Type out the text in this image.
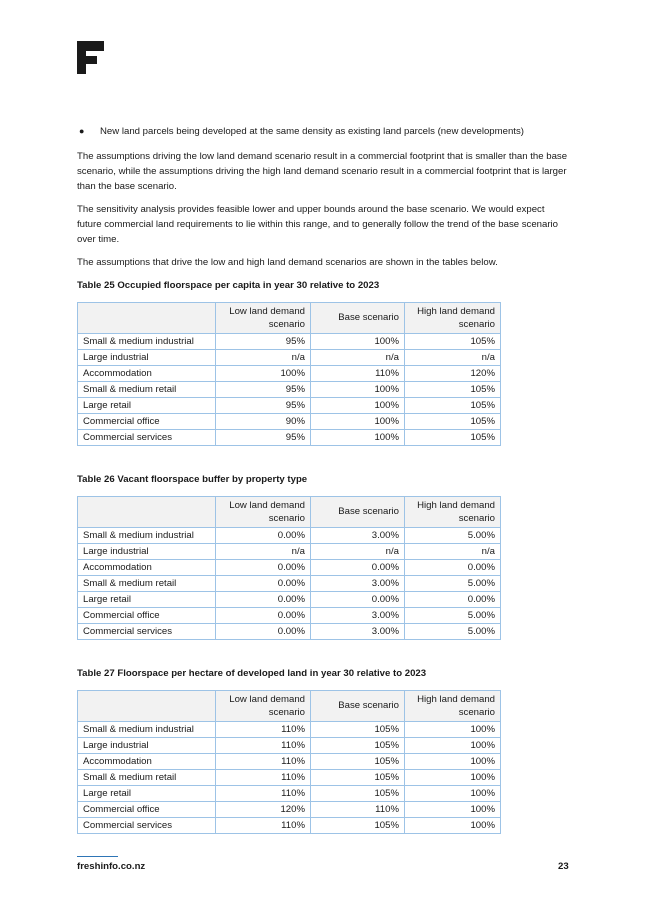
●	New land parcels being developed at the same density as existing land parcels (new developments)

The assumptions driving the low land demand scenario result in a commercial footprint that is smaller than the base scenario, while the assumptions driving the high land demand scenario result in a commercial footprint that is larger than the base scenario.

The sensitivity analysis provides feasible lower and upper bounds around the base scenario. We would expect future commercial land requirements to lie within this range, and to generally follow the trend of the base scenario over time.

The assumptions that drive the low and high land demand scenarios are shown in the tables below.

Table 25 Occupied floorspace per capita in year 30 relative to 2023
	Low land demand scenario	Base scenario	High land demand scenario
Small & medium industrial	95%	100%	105%
Large industrial	n/a	n/a	n/a
Accommodation	100%	110%	120%
Small & medium retail	95%	100%	105%
Large retail	95%	100%	105%
Commercial office	90%	100%	105%
Commercial services	95%	100%	105%
Table 26 Vacant floorspace buffer by property type
	Low land demand scenario	Base scenario	High land demand scenario
Small & medium industrial	0.00%	3.00%	5.00%
Large industrial	n/a	n/a	n/a
Accommodation	0.00%	0.00%	0.00%
Small & medium retail	0.00%	3.00%	5.00%
Large retail	0.00%	0.00%	0.00%
Commercial office	0.00%	3.00%	5.00%
Commercial services	0.00%	3.00%	5.00%
Table 27 Floorspace per hectare of developed land in year 30 relative to 2023
	Low land demand scenario	Base scenario	High land demand scenario
Small & medium industrial	110%	105%	100%
Large industrial	110%	105%	100%
Accommodation	110%	105%	100%
Small & medium retail	110%	105%	100%
Large retail	110%	105%	100%
Commercial office	120%	110%	100%
Commercial services	110%	105%	100%
freshinfo.co.nz	23
